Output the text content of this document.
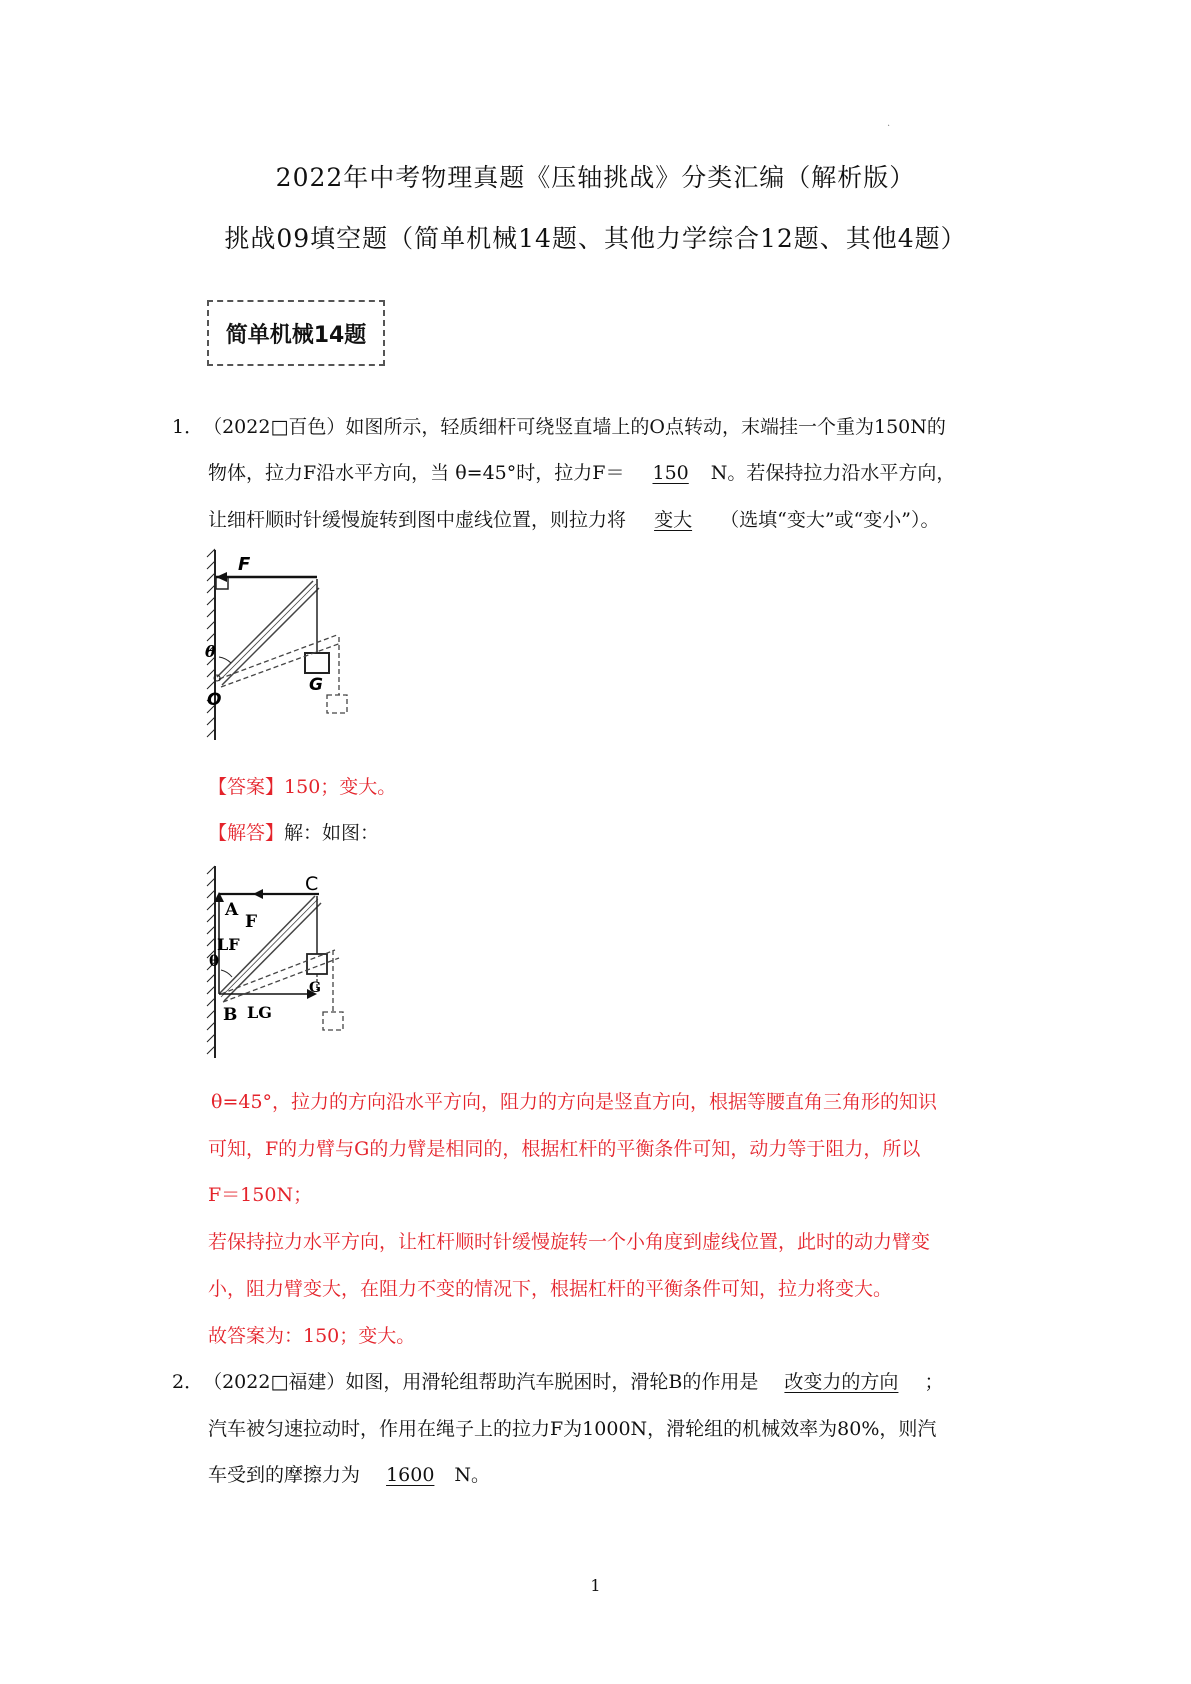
.
2022年中考物理真题《压轴挑战》分类汇编（解析版）
挑战09填空题（简单机械14题、其他力学综合12题、其他4题）
简单机械14题
1．（2022□百色）如图所示，轻质细杆可绕竖直墙上的O点转动，末端挂一个重为150N的
物体，拉力F沿水平方向，当 θ=45°时，拉力F＝ 150 N。若保持拉力沿水平方向，
让细杆顺时针缓慢旋转到图中虚线位置，则拉力将 变大 （选填“变大”或“变小”）。
F
θ
O
G
【答案】150；变大。
【解答】解：如图：
C
A
F
LF
θ
G
B LG
θ=45°，拉力的方向沿水平方向，阻力的方向是竖直方向，根据等腰直角三角形的知识
可知，F的力臂与G的力臂是相同的，根据杠杆的平衡条件可知，动力等于阻力，所以
F＝150N；
若保持拉力水平方向，让杠杆顺时针缓慢旋转一个小角度到虚线位置，此时的动力臂变
小，阻力臂变大，在阻力不变的情况下，根据杠杆的平衡条件可知，拉力将变大。
故答案为：150；变大。
2．（2022□福建）如图，用滑轮组帮助汽车脱困时，滑轮B的作用是 改变力的方向 ；
汽车被匀速拉动时，作用在绳子上的拉力F为1000N，滑轮组的机械效率为80%，则汽
车受到的摩擦力为 1600 N。
1
